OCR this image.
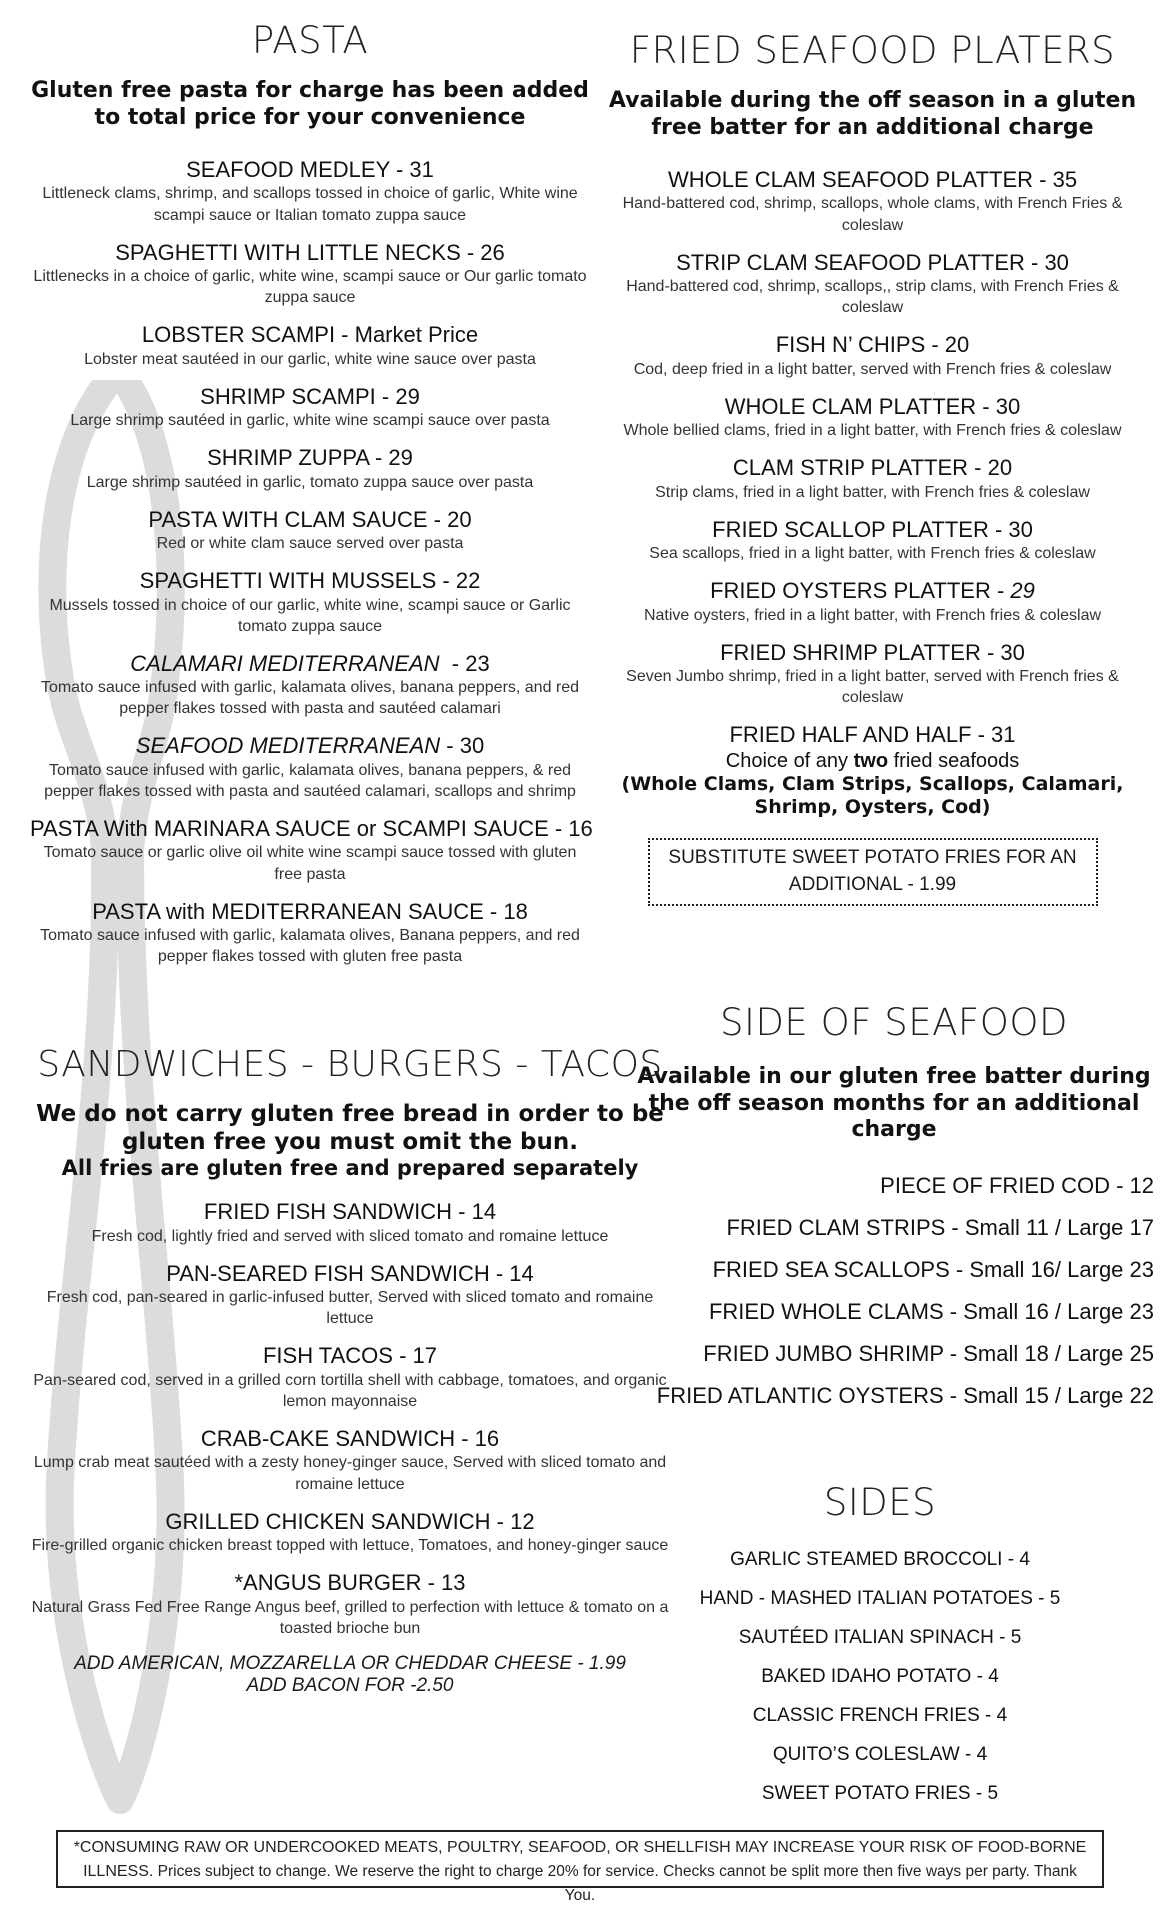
PASTA
Gluten free pasta for charge has been added to total price for your convenience
SEAFOOD MEDLEY - 31
Littleneck clams, shrimp, and scallops tossed in choice of garlic, White wine scampi sauce or Italian tomato zuppa sauce
SPAGHETTI WITH LITTLE NECKS - 26
Littlenecks in a choice of garlic, white wine, scampi sauce or Our garlic tomato zuppa sauce
LOBSTER SCAMPI - Market Price
Lobster meat sautéed in our garlic, white wine sauce over pasta
SHRIMP SCAMPI - 29
Large shrimp sautéed in garlic, white wine scampi sauce over pasta
SHRIMP ZUPPA - 29
Large shrimp sautéed in garlic, tomato zuppa sauce over pasta
PASTA WITH CLAM SAUCE - 20
Red or white clam sauce served over pasta
SPAGHETTI WITH MUSSELS - 22
Mussels tossed in choice of our garlic, white wine, scampi sauce or Garlic tomato zuppa sauce
CALAMARI MEDITERRANEAN  - 23
Tomato sauce infused with garlic, kalamata olives, banana peppers, and red pepper flakes tossed with pasta and sautéed calamari
SEAFOOD MEDITERRANEAN - 30
Tomato sauce infused with garlic, kalamata olives, banana peppers, & red pepper flakes tossed with pasta and sautéed calamari, scallops and shrimp
PASTA With MARINARA SAUCE or SCAMPI SAUCE - 16
Tomato sauce or garlic olive oil white wine scampi sauce tossed with gluten free pasta
PASTA with MEDITERRANEAN SAUCE - 18
Tomato sauce infused with garlic, kalamata olives, Banana peppers, and red pepper flakes tossed with gluten free pasta
FRIED SEAFOOD PLATERS
Available during the off season in a gluten free batter for an additional charge
WHOLE CLAM SEAFOOD PLATTER - 35
Hand-battered cod, shrimp, scallops, whole clams, with French Fries & coleslaw
STRIP CLAM SEAFOOD PLATTER - 30
Hand-battered cod, shrimp, scallops,, strip clams, with French Fries & coleslaw
FISH N’ CHIPS - 20
Cod, deep fried in a light batter, served with French fries & coleslaw
WHOLE CLAM PLATTER - 30
Whole bellied clams, fried in a light batter, with French fries & coleslaw
CLAM STRIP PLATTER - 20
Strip clams, fried in a light batter, with French fries & coleslaw
FRIED SCALLOP PLATTER - 30
Sea scallops, fried in a light batter, with French fries & coleslaw
FRIED OYSTERS PLATTER - 29
Native oysters, fried in a light batter, with French fries & coleslaw
FRIED SHRIMP PLATTER - 30
Seven Jumbo shrimp, fried in a light batter, served with French fries & coleslaw
FRIED HALF AND HALF - 31
Choice of any two fried seafoods
(Whole Clams, Clam Strips, Scallops, Calamari, Shrimp, Oysters, Cod)
SUBSTITUTE SWEET POTATO FRIES FOR AN ADDITIONAL - 1.99
SIDE OF SEAFOOD
Available in our gluten free batter during the off season months for an additional charge
PIECE OF FRIED COD - 12
FRIED CLAM STRIPS - Small 11 / Large 17
FRIED SEA SCALLOPS - Small 16/ Large 23
FRIED WHOLE CLAMS - Small 16 / Large 23
FRIED JUMBO SHRIMP - Small 18 / Large 25
FRIED ATLANTIC OYSTERS - Small 15 / Large 22
SANDWICHES - BURGERS - TACOS
We do not carry gluten free bread in order to be gluten free you must omit the bun.
All fries are gluten free and prepared separately
FRIED FISH SANDWICH - 14
Fresh cod, lightly fried and served with sliced tomato and romaine lettuce
PAN-SEARED FISH SANDWICH - 14
Fresh cod, pan-seared in garlic-infused butter, Served with sliced tomato and romaine lettuce
FISH TACOS - 17
Pan-seared cod, served in a grilled corn tortilla shell with cabbage, tomatoes, and organic lemon mayonnaise
CRAB-CAKE SANDWICH - 16
Lump crab meat sautéed with a zesty honey-ginger sauce, Served with sliced tomato and romaine lettuce
GRILLED CHICKEN SANDWICH - 12
Fire-grilled organic chicken breast topped with lettuce, Tomatoes, and honey-ginger sauce
*ANGUS BURGER - 13
Natural Grass Fed Free Range Angus beef, grilled to perfection with lettuce & tomato on a toasted brioche bun
ADD AMERICAN, MOZZARELLA OR CHEDDAR CHEESE - 1.99
ADD BACON FOR -2.50
SIDES
GARLIC STEAMED BROCCOLI - 4
HAND - MASHED ITALIAN POTATOES - 5
SAUTÉED ITALIAN SPINACH - 5
BAKED IDAHO POTATO - 4
CLASSIC FRENCH FRIES - 4
QUITO’S COLESLAW - 4
SWEET POTATO FRIES - 5
*CONSUMING RAW OR UNDERCOOKED MEATS, POULTRY, SEAFOOD, OR SHELLFISH MAY INCREASE YOUR RISK OF FOOD-BORNE ILLNESS. Prices subject to change. We reserve the right to charge 20% for service. Checks cannot be split more then five ways per party. Thank You.
